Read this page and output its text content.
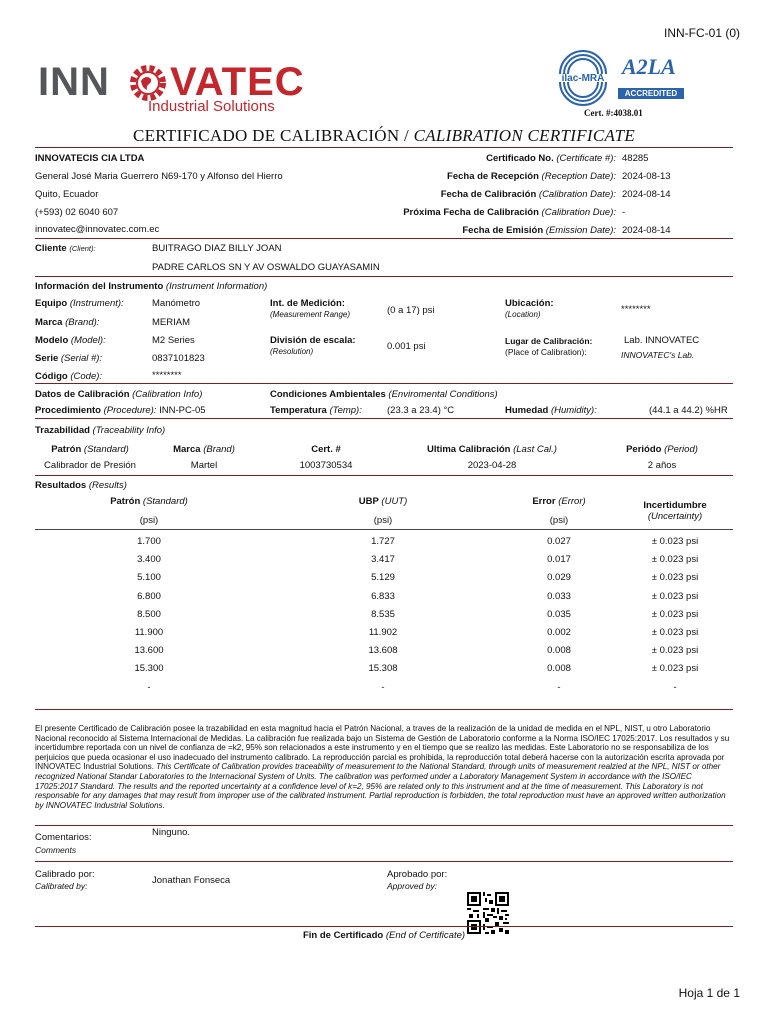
INN-FC-01 (0)
INN VATEC
Industrial Solutions
ilac-MRA A2LA
ACCREDITED
Cert. #:4038.01
CERTIFICADO DE CALIBRACIÓN / CALIBRATION CERTIFICATE
INNOVATECIS CIA LTDA
General José Maria Guerrero N69-170 y Alfonso del Hierro
Quito, Ecuador
(+593) 02 6040 607
innovatec@innovatec.com.ec
Certificado No. (Certificate #): 48285
Fecha de Recepción (Reception Date): 2024-08-13
Fecha de Calibración (Calibration Date): 2024-08-14
Próxima Fecha de Calibración (Calibration Due): -
Fecha de Emisión (Emission Date): 2024-08-14
Cliente (Client):	BUITRAGO DIAZ BILLY JOAN
PADRE CARLOS SN Y AV OSWALDO GUAYASAMIN
Información del Instrumento (Instrument Information)
Equipo (Instrument):	Manómetro
Marca (Brand):	MERIAM
Modelo (Model):	M2 Series
Serie (Serial #):	0837101823
Código (Code):	********
Int. de Medición:
(Measurement Range)	(0 a 17) psi
División de escala:
(Resolution)	0.001 psi
Ubicación:
(Location)	********
Lugar de Calibración:
(Place of Calibration):
Lab. INNOVATEC
INNOVATEC's Lab.
Datos de Calibración (Calibration Info)	Condiciones Ambientales (Enviromental Conditions)
Procedimiento (Procedure): INN-PC-05	Temperatura (Temp):	(23.3 a 23.4) °C	Humedad (Humidity):	(44.1 a 44.2) %HR
Trazabilidad (Traceability Info)
Patrón (Standard)	Marca (Brand)	Cert. #	Ultima Calibración (Last Cal.)	Periódo (Period)
Calibrador de Presión	Martel	1003730534	2023-04-28	2 años
Resultados (Results)
Patrón (Standard)
(psi)
UBP (UUT)
(psi)
Error (Error)
(psi)
Incertidumbre
(Uncertainty)
1.700	1.727	0.027	± 0.023 psi
3.400	3.417	0.017	± 0.023 psi
5.100	5.129	0.029	± 0.023 psi
6.800	6.833	0.033	± 0.023 psi
8.500	8.535	0.035	± 0.023 psi
11.900	11.902	0.002	± 0.023 psi
13.600	13.608	0.008	± 0.023 psi
15.300	15.308	0.008	± 0.023 psi
-	-	-	-
El presente Certificado de Calibración posee la trazabilidad en esta magnitud hacia el Patrón Nacional, a traves de la realización de la unidad de medida en el NPL, NIST, u otro Laboratorio Nacional reconocido al Sistema Internacional de Medidas. La calibración fue realizada bajo un Sistema de Gestión de Laboratorio conforme a la Norma ISO/IEC 17025:2017. Los resultados y su incertidumbre reportada con un nivel de confianza de =k2, 95% son relacionados a este instrumento y en el tiempo que se realizo las medidas. Este Laboratorio no se responsabiliza de los perjuicios que pueda ocasionar el uso inadecuado del instrumento calibrado. La reproducción parcial es prohibida, la reproducción total deberá hacerse con la autorización escrita aprovada por INNOVATEC Industrial Solutions. This Certificate of Calibration provides traceability of measurement to the National Standard, through units of measurement realzied at the NPL, NIST or other recognized National Standar Laboratories to the Internacional System of Units. The calibration was performed under a Laboratory Management System in accordance with the ISO/IEC 17025:2017 Standard. The results and the reported uncertainty at a confidence level of k=2, 95% are related only to this instrument and at the time of measurement. This Laboratory is not responsable for any damages that may result from improper use of the calibrated instrument. Partial reproduction is forbidden, the total reproduction must have an approved written authorization by INNOVATEC Industrial Solutions.
Comentarios:
Comments
Ninguno.
Calibrado por:
Calibrated by:	Jonathan Fonseca
Aprobado por:
Approved by:
Fin de Certificado (End of Certificate)
Hoja 1 de 1
